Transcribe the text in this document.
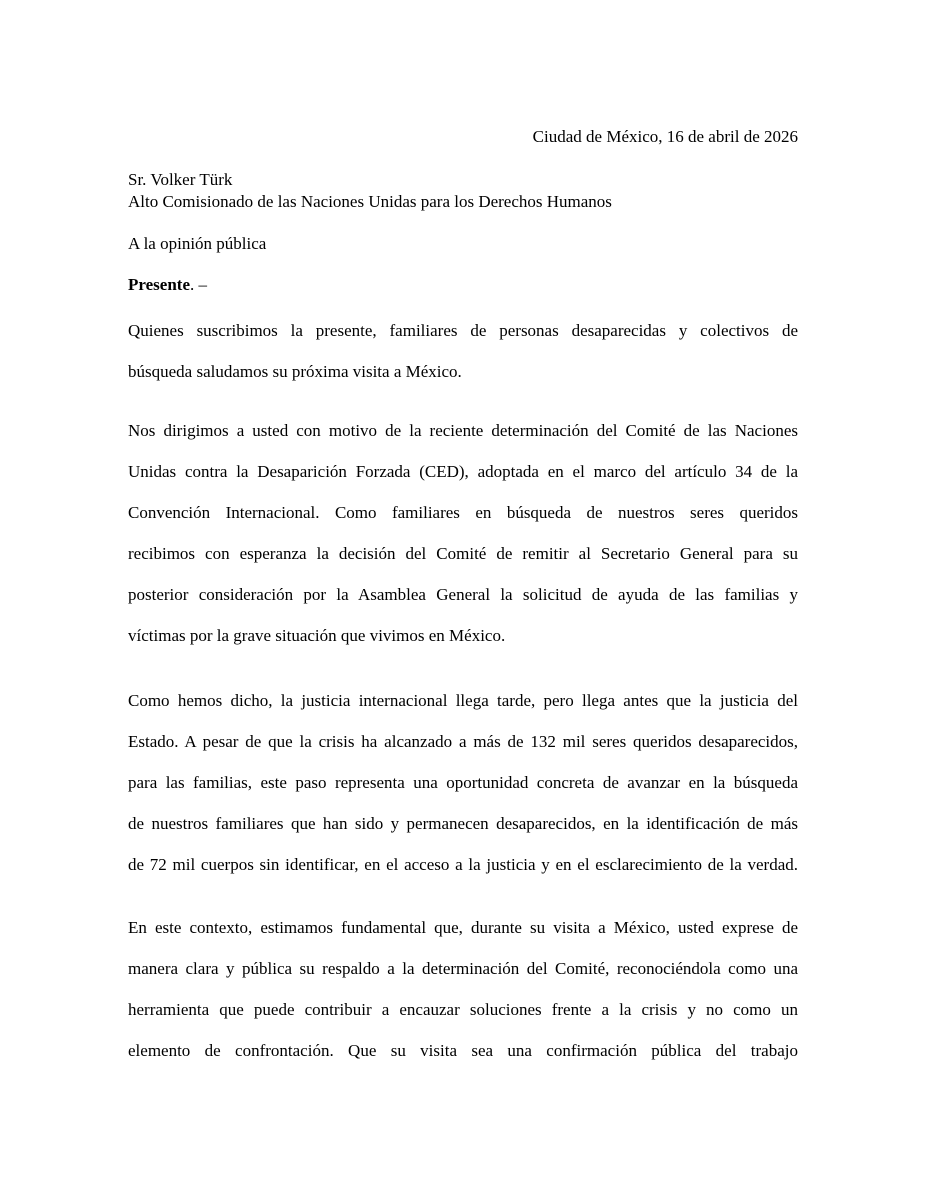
Ciudad de México, 16 de abril de 2026
Sr. Volker Türk
Alto Comisionado de las Naciones Unidas para los Derechos Humanos
A la opinión pública
Presente. –
Quienes suscribimos la presente, familiares de personas desaparecidas y colectivos de
búsqueda saludamos su próxima visita a México.
Nos dirigimos a usted con motivo de la reciente determinación del Comité de las Naciones
Unidas contra la Desaparición Forzada (CED), adoptada en el marco del artículo 34 de la
Convención Internacional. Como familiares en búsqueda de nuestros seres queridos
recibimos con esperanza la decisión del Comité de remitir al Secretario General para su
posterior consideración por la Asamblea General la solicitud de ayuda de las familias y
víctimas por la grave situación que vivimos en México.
Como hemos dicho, la justicia internacional llega tarde, pero llega antes que la justicia del
Estado. A pesar de que la crisis ha alcanzado a más de 132 mil seres queridos desaparecidos,
para las familias, este paso representa una oportunidad concreta de avanzar en la búsqueda
de nuestros familiares que han sido y permanecen desaparecidos, en la identificación de más
de 72 mil cuerpos sin identificar, en el acceso a la justicia y en el esclarecimiento de la verdad.
En este contexto, estimamos fundamental que, durante su visita a México, usted exprese de
manera clara y pública su respaldo a la determinación del Comité, reconociéndola como una
herramienta que puede contribuir a encauzar soluciones frente a la crisis y no como un
elemento de confrontación. Que su visita sea una confirmación pública del trabajo
